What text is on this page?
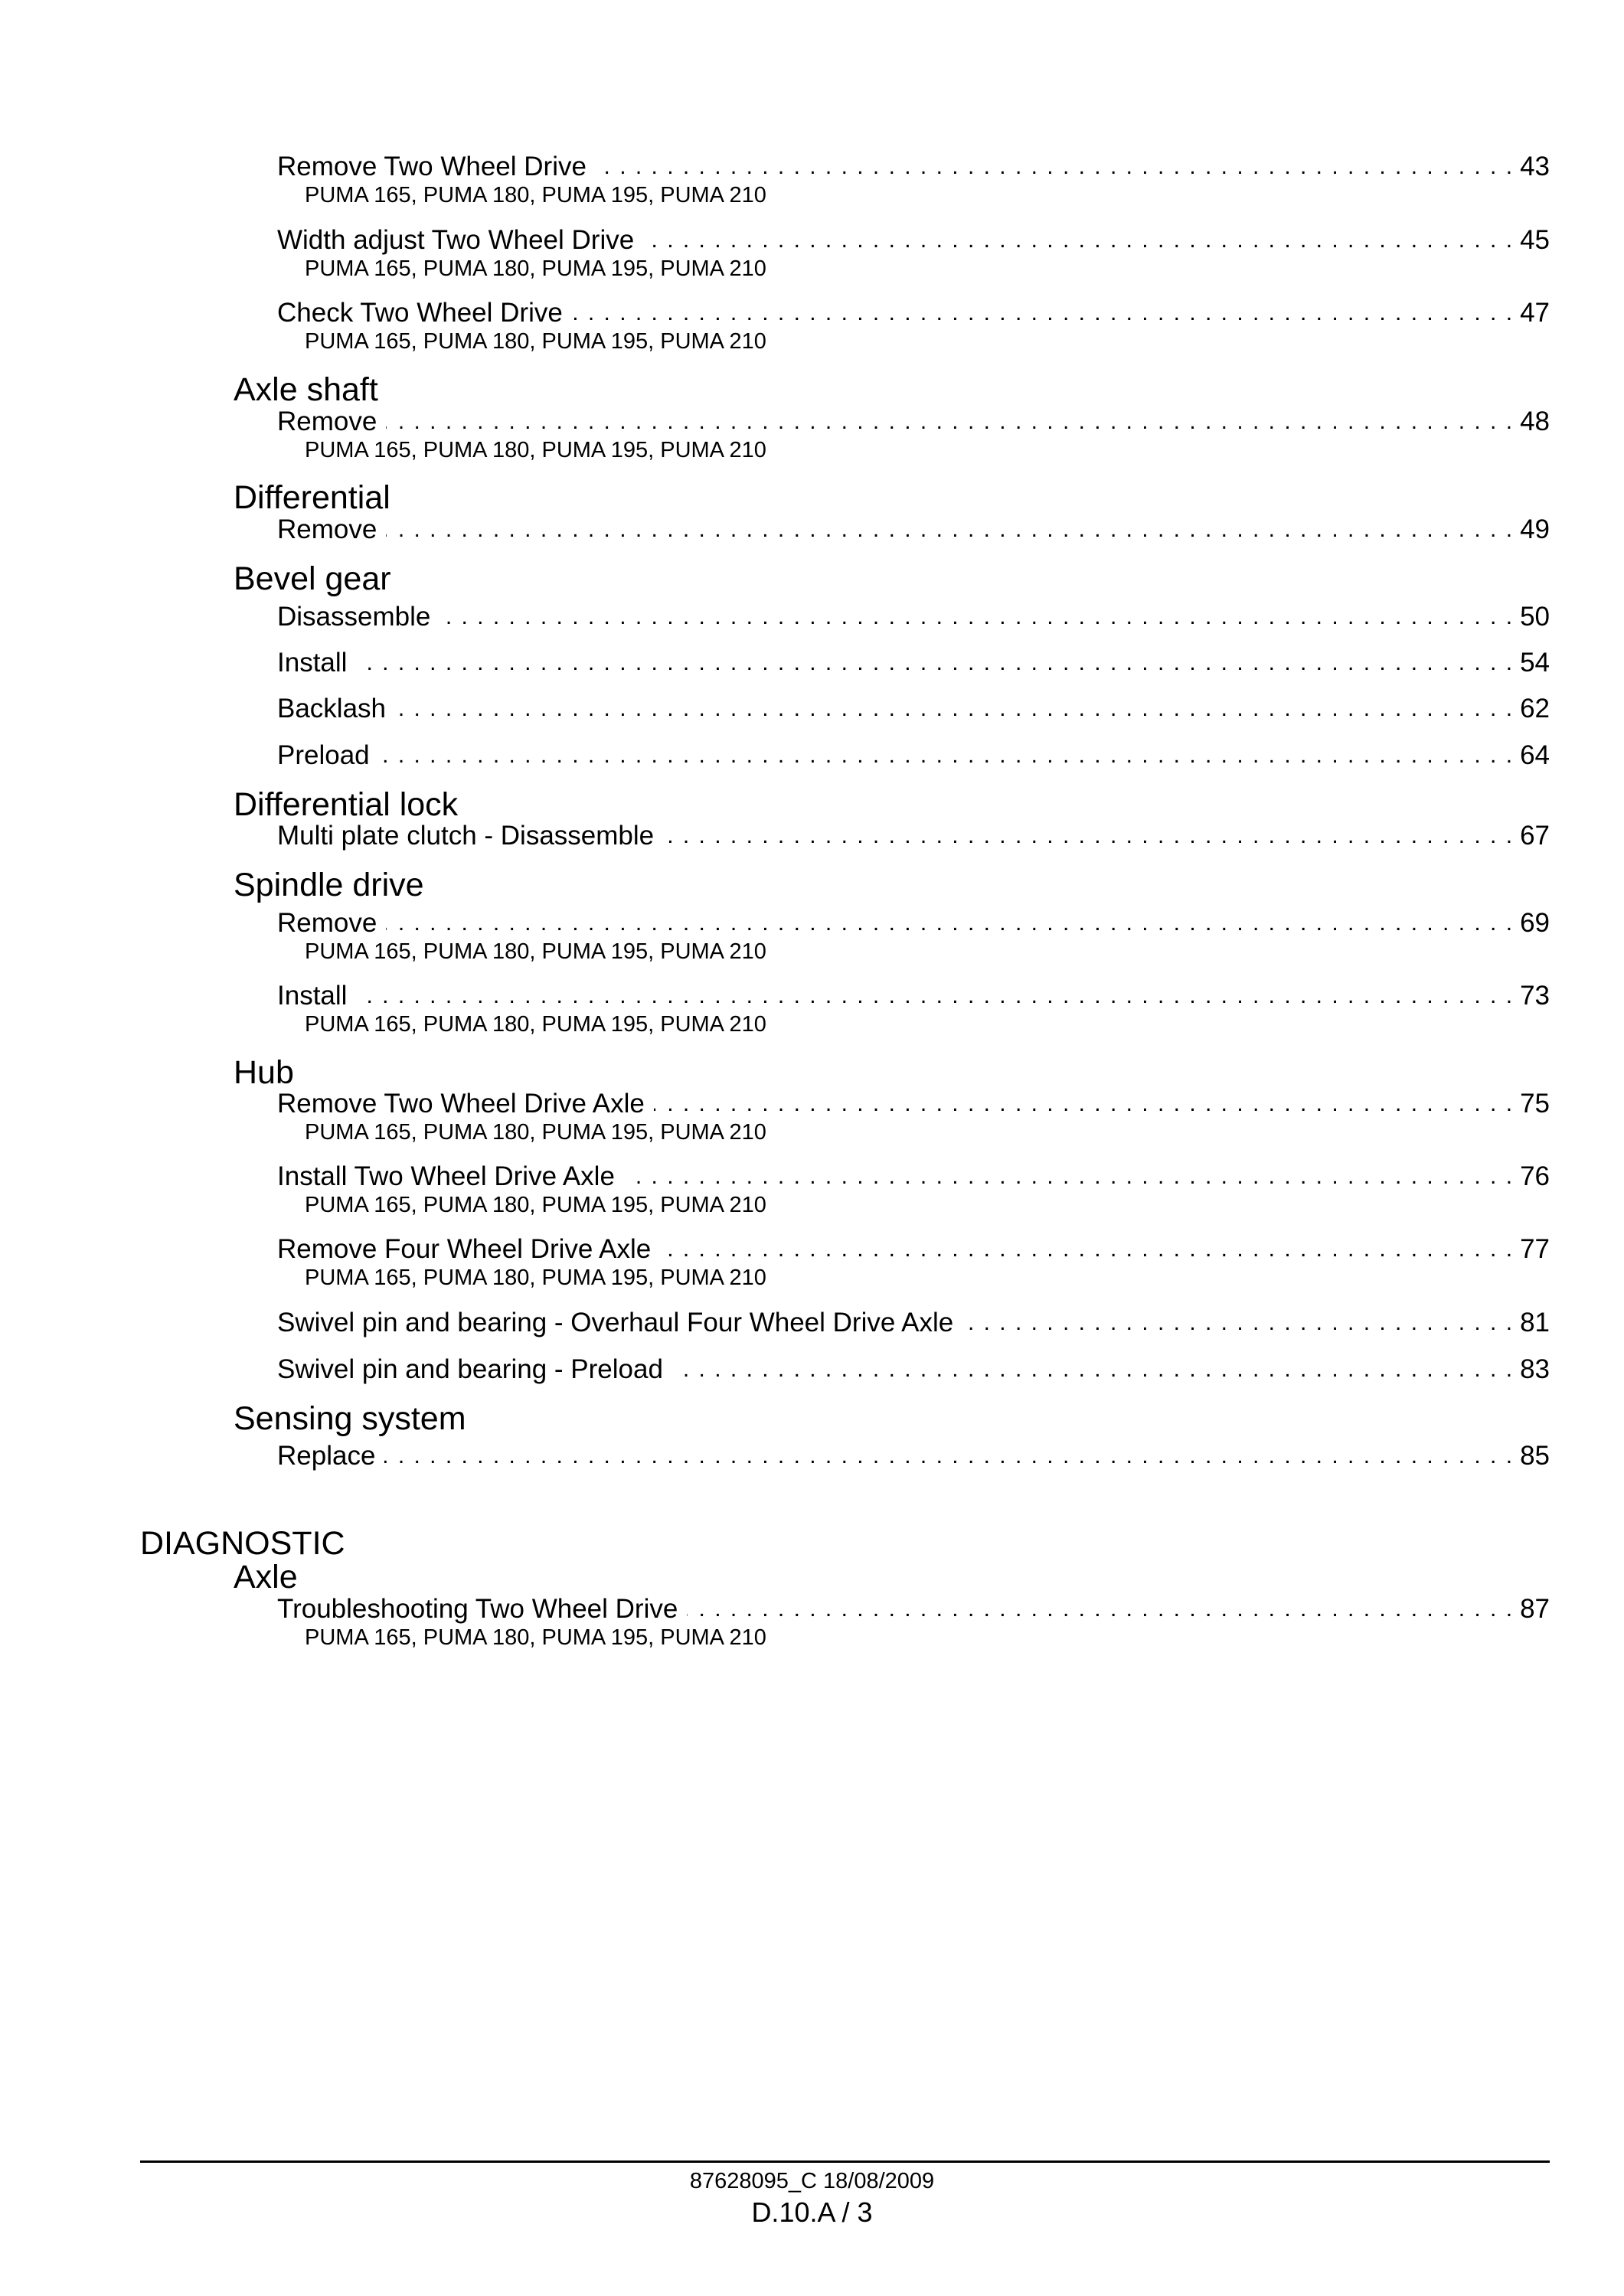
Remove Two Wheel Drive . . .	43
PUMA 165, PUMA 180, PUMA 195, PUMA 210
Width adjust Two Wheel Drive . . .	45
PUMA 165, PUMA 180, PUMA 195, PUMA 210
Check Two Wheel Drive . . .	47
PUMA 165, PUMA 180, PUMA 195, PUMA 210
Axle shaft
Remove . . .	48
PUMA 165, PUMA 180, PUMA 195, PUMA 210
Differential
Remove . . .	49
Bevel gear
Disassemble . . .	50
Install . . .	54
Backlash . . .	62
Preload . . .	64
Differential lock
Multi plate clutch - Disassemble . . .	67
Spindle drive
Remove . . .	69
PUMA 165, PUMA 180, PUMA 195, PUMA 210
Install . . .	73
PUMA 165, PUMA 180, PUMA 195, PUMA 210
Hub
Remove Two Wheel Drive Axle . . .	75
PUMA 165, PUMA 180, PUMA 195, PUMA 210
Install Two Wheel Drive Axle . . .	76
PUMA 165, PUMA 180, PUMA 195, PUMA 210
Remove Four Wheel Drive Axle . . .	77
PUMA 165, PUMA 180, PUMA 195, PUMA 210
Swivel pin and bearing - Overhaul Four Wheel Drive Axle . . .	81
Swivel pin and bearing - Preload . . .	83
Sensing system
Replace . . .	85
DIAGNOSTIC
Axle
Troubleshooting Two Wheel Drive . . .	87
PUMA 165, PUMA 180, PUMA 195, PUMA 210
87628095_C 18/08/2009
D.10.A / 3
